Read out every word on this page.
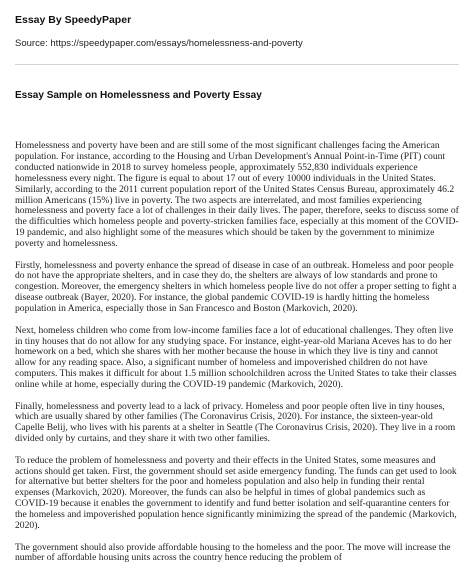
Essay By SpeedyPaper
Source: https://speedypaper.com/essays/homelessness-and-poverty
Essay Sample on Homelessness and Poverty Essay

Homelessness and poverty have been and are still some of the most significant challenges facing the American population. For instance, according to the Housing and Urban Development's Annual Point-in-Time (PIT) count conducted nationwide in 2018 to survey homeless people, approximately 552,830 individuals experience homelessness every night. The figure is equal to about 17 out of every 10000 individuals in the United States. Similarly, according to the 2011 current population report of the United States Census Bureau, approximately 46.2 million Americans (15%) live in poverty. The two aspects are interrelated, and most families experiencing homelessness and poverty face a lot of challenges in their daily lives. The paper, therefore, seeks to discuss some of the difficulties which homeless people and poverty-stricken families face, especially at this moment of the COVID-19 pandemic, and also highlight some of the measures which should be taken by the government to minimize poverty and homelessness.

Firstly, homelessness and poverty enhance the spread of disease in case of an outbreak. Homeless and poor people do not have the appropriate shelters, and in case they do, the shelters are always of low standards and prone to congestion. Moreover, the emergency shelters in which homeless people live do not offer a proper setting to fight a disease outbreak (Bayer, 2020). For instance, the global pandemic COVID-19 is hardly hitting the homeless population in America, especially those in San Francesco and Boston (Markovich, 2020).

Next, homeless children who come from low-income families face a lot of educational challenges. They often live in tiny houses that do not allow for any studying space. For instance, eight-year-old Mariana Aceves has to do her homework on a bed, which she shares with her mother because the house in which they live is tiny and cannot allow for any reading space. Also, a significant number of homeless and impoverished children do not have computers. This makes it difficult for about 1.5 million schoolchildren across the United States to take their classes online while at home, especially during the COVID-19 pandemic (Markovich, 2020).

Finally, homelessness and poverty lead to a lack of privacy. Homeless and poor people often live in tiny houses, which are usually shared by other families (The Coronavirus Crisis, 2020). For instance, the sixteen-year-old Capelle Belij, who lives with his parents at a shelter in Seattle (The Coronavirus Crisis, 2020). They live in a room divided only by curtains, and they share it with two other families.

To reduce the problem of homelessness and poverty and their effects in the United States, some measures and actions should get taken. First, the government should set aside emergency funding. The funds can get used to look for alternative but better shelters for the poor and homeless population and also help in funding their rental expenses (Markovich, 2020). Moreover, the funds can also be helpful in times of global pandemics such as COVID-19 because it enables the government to identify and fund better isolation and self-quarantine centers for the homeless and impoverished population hence significantly minimizing the spread of the pandemic (Markovich, 2020).

The government should also provide affordable housing to the homeless and the poor. The move will increase the number of affordable housing units across the country hence reducing the problem of
